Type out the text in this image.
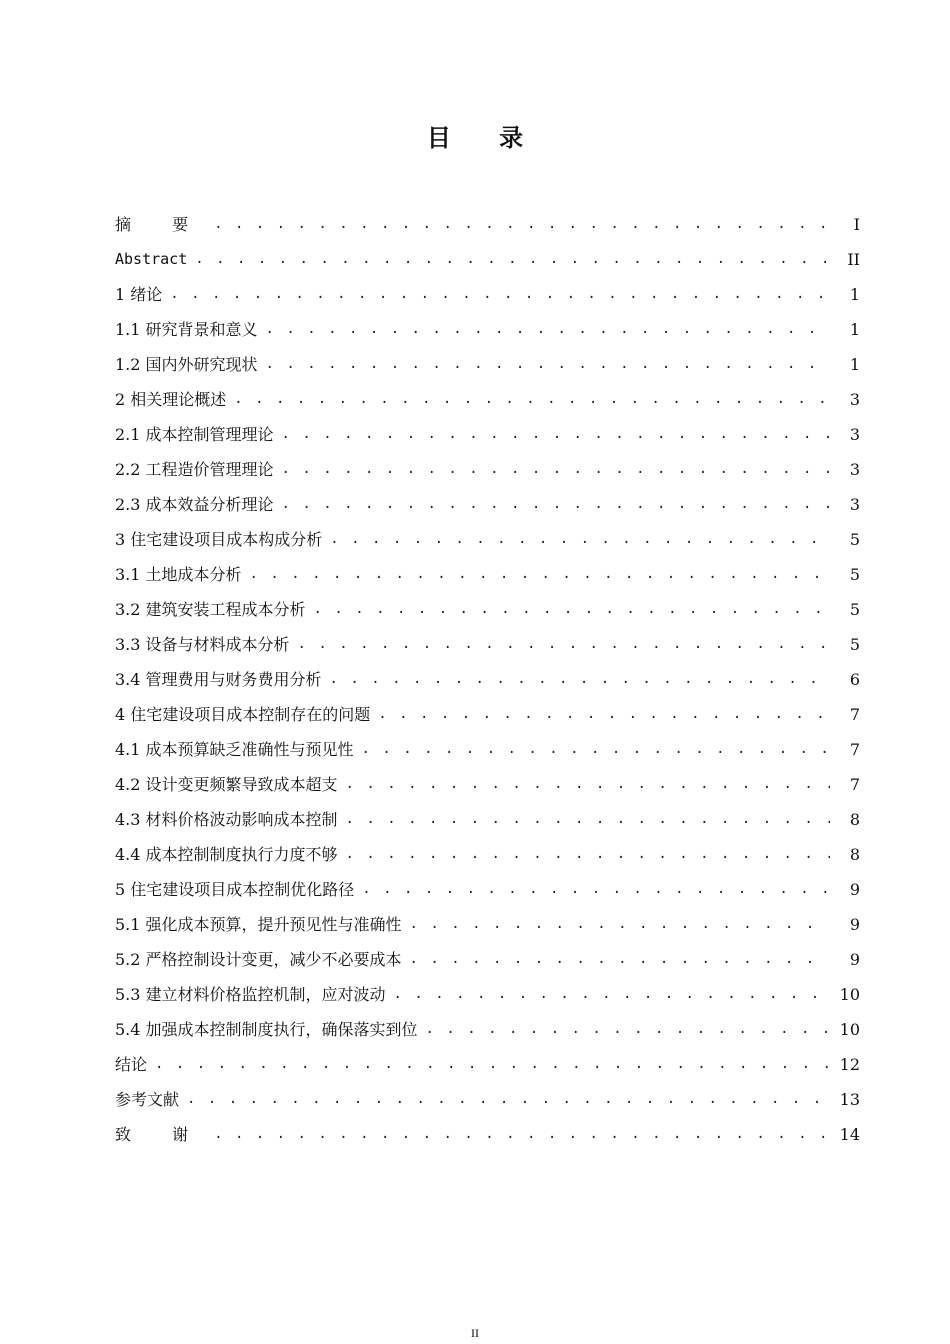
目 录
摘 要 . . .	I
Abstract . . .	II
1 绪论 . . .	1
1.1 研究背景和意义 . . .	1
1.2 国内外研究现状 . . .	1
2 相关理论概述 . . .	3
2.1 成本控制管理理论 . . .	3
2.2 工程造价管理理论 . . .	3
2.3 成本效益分析理论 . . .	3
3 住宅建设项目成本构成分析 . . .	5
3.1 土地成本分析 . . .	5
3.2 建筑安装工程成本分析 . . .	5
3.3 设备与材料成本分析 . . .	5
3.4 管理费用与财务费用分析 . . .	6
4 住宅建设项目成本控制存在的问题 . . .	7
4.1 成本预算缺乏准确性与预见性 . . .	7
4.2 设计变更频繁导致成本超支 . . .	7
4.3 材料价格波动影响成本控制 . . .	8
4.4 成本控制制度执行力度不够 . . .	8
5 住宅建设项目成本控制优化路径 . . .	9
5.1 强化成本预算，提升预见性与准确性 . . .	9
5.2 严格控制设计变更，减少不必要成本 . . .	9
5.3 建立材料价格监控机制，应对波动 . . .	10
5.4 加强成本控制制度执行，确保落实到位 . . .	10
结论 . . .	12
参考文献 . . .	13
致 谢 . . .	14
II
